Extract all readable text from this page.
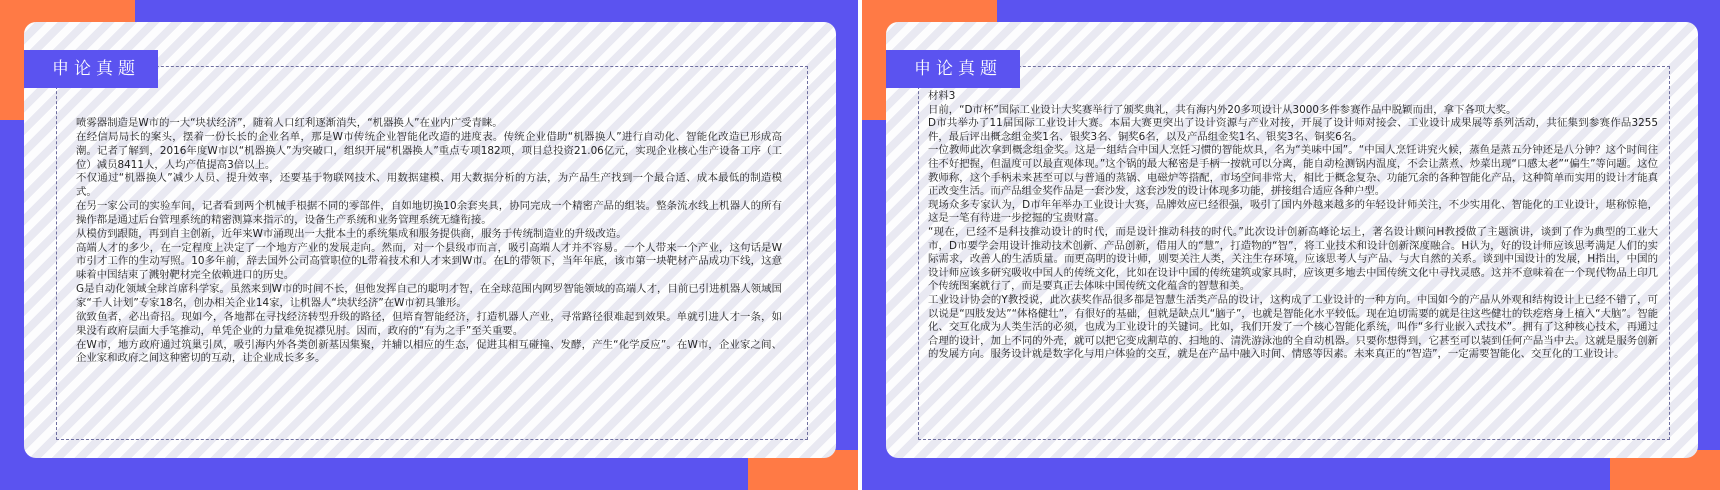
申论真题

喷雾器制造是W市的一大“块状经济”，随着人口红利逐渐消失，“机器换人”在业内广受青睐。

在经信局局长的案头，摆着一份长长的企业名单，那是W市传统企业智能化改造的进度表。传统企业借助“机器换人”进行自动化、智能化改造已形成高潮。记者了解到，2016年度W市以“机器换人”为突破口，组织开展“机器换人”重点专项182项，项目总投资21.06亿元，实现企业核心生产设备工序（工位）减员8411人，人均产值提高3倍以上。

不仅通过“机器换人”减少人员、提升效率，还要基于物联网技术、用数据建模、用大数据分析的方法，为产品生产找到一个最合适、成本最低的制造模式。

在另一家公司的实验车间，记者看到两个机械手根据不同的零部件，自如地切换10余套夹具，协同完成一个精密产品的组装。整条流水线上机器人的所有操作都是通过后台管理系统的精密测算来指示的，设备生产系统和业务管理系统无缝衔接。

从模仿到跟随，再到自主创新，近年来W市涌现出一大批本土的系统集成和服务提供商，服务于传统制造业的升级改造。

高端人才的多少，在一定程度上决定了一个地方产业的发展走向。然而，对一个县级市而言，吸引高端人才并不容易。一个人带来一个产业，这句话是W市引才工作的生动写照。10多年前，辞去国外公司高管职位的L带着技术和人才来到W市。在L的带领下，当年年底，该市第一块靶材产品成功下线，这意味着中国结束了溅射靶材完全依赖进口的历史。

G是自动化领域全球首席科学家。虽然来到W市的时间不长，但他发挥自己的聪明才智，在全球范围内网罗智能领域的高端人才，目前已引进机器人领域国家“千人计划”专家18名，创办相关企业14家，让机器人“块状经济”在W市初具雏形。

欲致鱼者，必出奇招。现如今，各地都在寻找经济转型升级的路径，但培育智能经济，打造机器人产业，寻常路径很难起到效果。单就引进人才一条，如果没有政府层面大手笔推动，单凭企业的力量难免捉襟见肘。因而，政府的“有为之手”至关重要。

在W市，地方政府通过筑巢引凤，吸引海内外各类创新基因集聚，并辅以相应的生态，促进其相互碰撞、发酵，产生“化学反应”。在W市，企业家之间、企业家和政府之间这种密切的互动，让企业成长多多。

申论真题

材料3

日前，“D市杯”国际工业设计大奖赛举行了颁奖典礼，共有海内外20多项设计从3000多件参赛作品中脱颖而出，拿下各项大奖。

D市共举办了11届国际工业设计大赛。本届大赛更突出了设计资源与产业对接，开展了设计师对接会、工业设计成果展等系列活动，共征集到参赛作品3255件，最后评出概念组金奖1名、银奖3名、铜奖6名，以及产品组金奖1名、银奖3名、铜奖6名。

一位教师此次拿到概念组金奖。这是一组结合中国人烹饪习惯的智能炊具，名为“美味中国”。“中国人烹饪讲究火候，蒸鱼是蒸五分钟还是八分钟？这个时间往往不好把握，但温度可以最直观体现。”这个锅的最大秘密是手柄一按就可以分离，能自动检测锅内温度，不会让蒸煮、炒菜出现“口感太老”“偏生”等问题。这位教师称，这个手柄未来甚至可以与普通的蒸锅、电磁炉等搭配，市场空间非常大，相比于概念复杂、功能冗余的各种智能化产品，这种简单而实用的设计才能真正改变生活。而产品组金奖作品是一套沙发，这套沙发的设计体现多功能，拼接组合适应各种户型。

现场众多专家认为，D市年年举办工业设计大赛，品牌效应已经很强，吸引了国内外越来越多的年轻设计师关注，不少实用化、智能化的工业设计，堪称惊艳，这是一笔有待进一步挖掘的宝贵财富。

“现在，已经不是科技推动设计的时代，而是设计推动科技的时代。”此次设计创新高峰论坛上，著名设计顾问H教授做了主题演讲，谈到了作为典型的工业大市，D市要学会用设计推动技术创新、产品创新，借用人的“慧”，打造物的“智”，将工业技术和设计创新深度融合。H认为，好的设计师应该思考满足人们的实际需求，改善人的生活质量。而更高明的设计师，则要关注人类，关注生存环境，应该思考人与产品、与大自然的关系。谈到中国设计的发展，H指出，中国的设计师应该多研究吸收中国人的传统文化，比如在设计中国的传统建筑或家具时，应该更多地去中国传统文化中寻找灵感。这并不意味着在一个现代物品上印几个传统图案就行了，而是要真正去体味中国传统文化蕴含的智慧和美。

工业设计协会的Y教授说，此次获奖作品很多都是智慧生活类产品的设计，这构成了工业设计的一种方向。中国如今的产品从外观和结构设计上已经不错了，可以说是“四肢发达”“体格健壮”，有很好的基础，但就是缺点儿“脑子”，也就是智能化水平较低。现在迫切需要的就是往这些健壮的铁疙瘩身上植入“大脑”。智能化、交互化成为人类生活的必须，也成为工业设计的关键词。比如，我们开发了一个核心智能化系统，叫作“多行业嵌入式技术”。拥有了这种核心技术，再通过合理的设计，加上不同的外壳，就可以把它变成割草的、扫地的、清洗游泳池的全自动机器。只要你想得到，它甚至可以装到任何产品当中去。这就是服务创新的发展方向。服务设计就是数字化与用户体验的交互，就是在产品中融入时间、情感等因素。未来真正的“智造”，一定需要智能化、交互化的工业设计。
